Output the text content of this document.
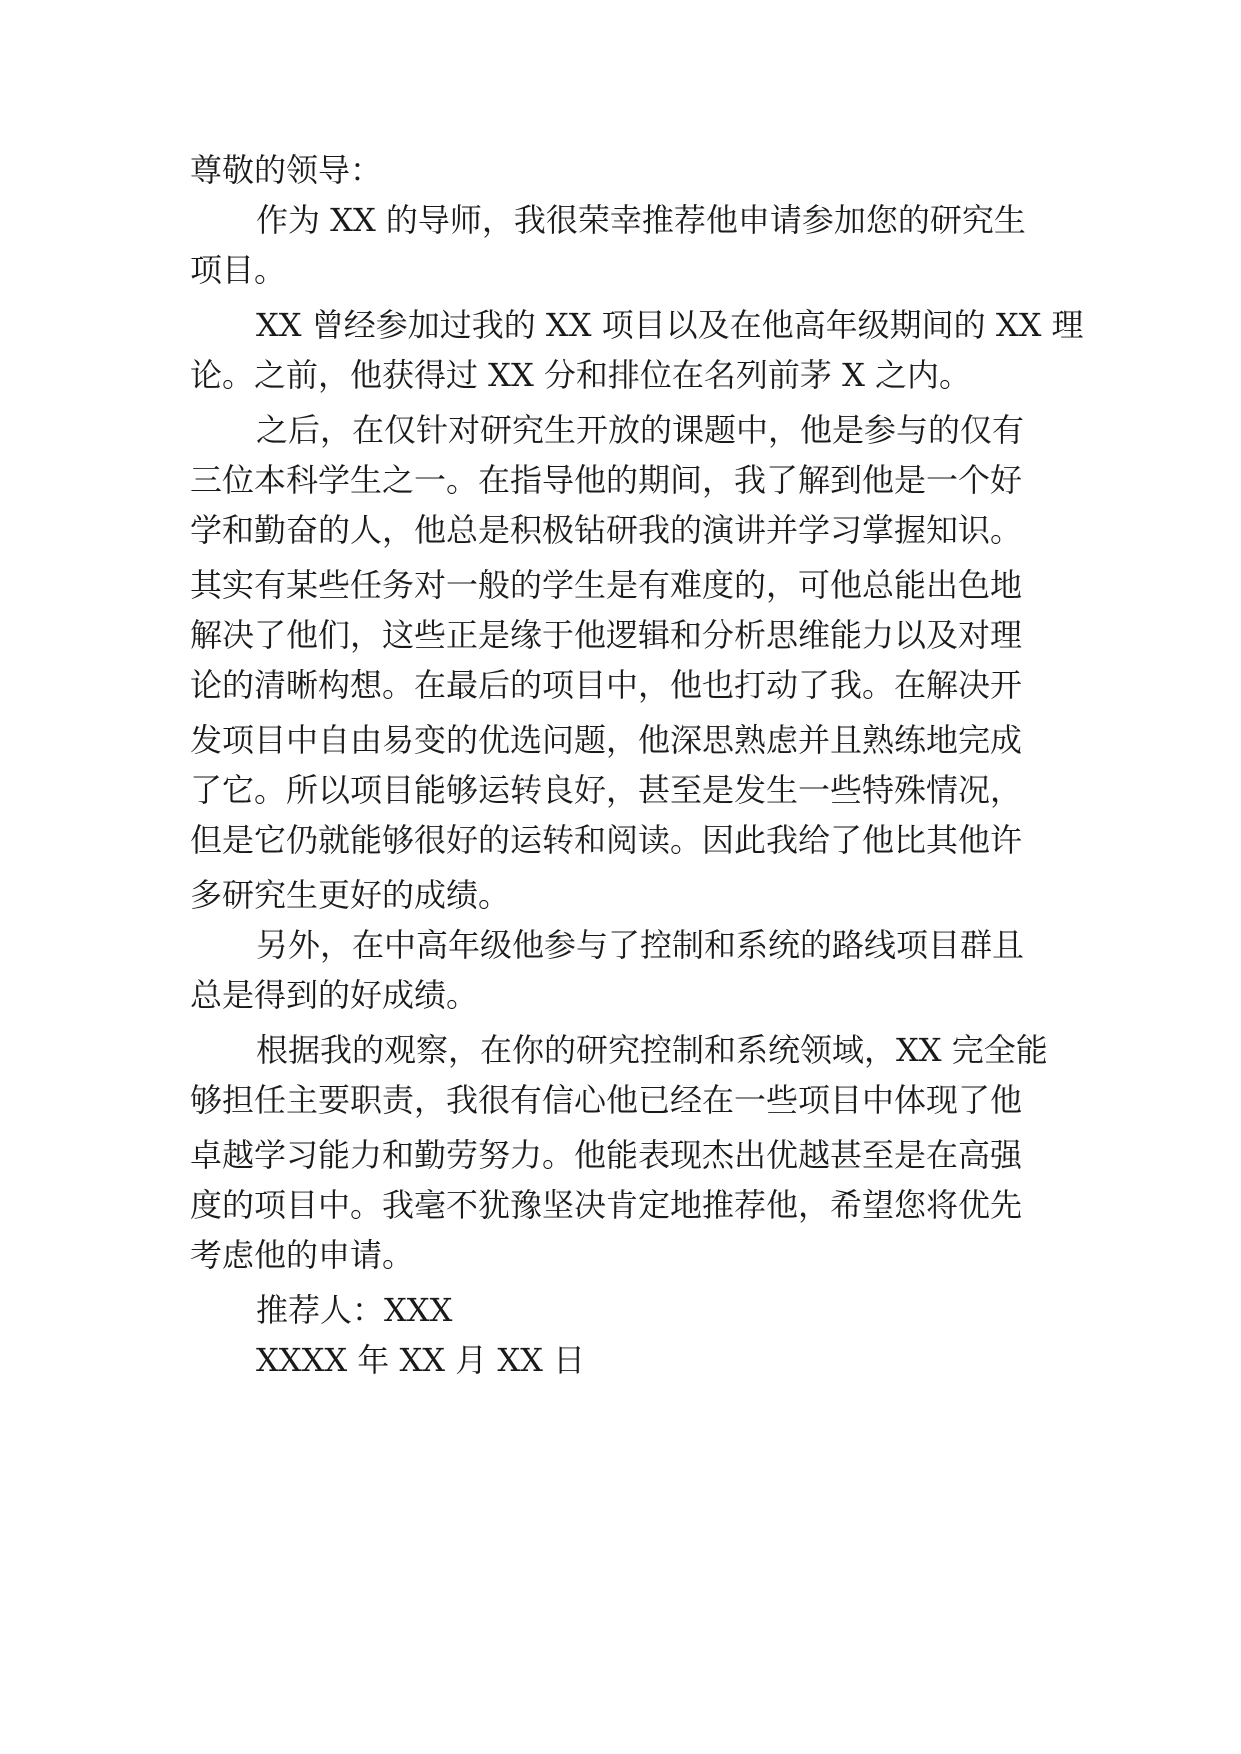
尊敬的领导：

作为 XX 的导师，我很荣幸推荐他申请参加您的研究生

项目。

XX 曾经参加过我的 XX 项目以及在他高年级期间的 XX 理

论。之前，他获得过 XX 分和排位在名列前茅 X 之内。

之后，在仅针对研究生开放的课题中，他是参与的仅有

三位本科学生之一。在指导他的期间，我了解到他是一个好

学和勤奋的人，他总是积极钻研我的演讲并学习掌握知识。

其实有某些任务对一般的学生是有难度的，可他总能出色地

解决了他们，这些正是缘于他逻辑和分析思维能力以及对理

论的清晰构想。在最后的项目中，他也打动了我。在解决开

发项目中自由易变的优选问题，他深思熟虑并且熟练地完成

了它。所以项目能够运转良好，甚至是发生一些特殊情况，

但是它仍就能够很好的运转和阅读。因此我给了他比其他许

多研究生更好的成绩。

另外，在中高年级他参与了控制和系统的路线项目群且

总是得到的好成绩。

根据我的观察，在你的研究控制和系统领域，XX 完全能

够担任主要职责，我很有信心他已经在一些项目中体现了他

卓越学习能力和勤劳努力。他能表现杰出优越甚至是在高强

度的项目中。我毫不犹豫坚决肯定地推荐他，希望您将优先

考虑他的申请。

推荐人：XXX

XXXX 年 XX 月 XX 日
